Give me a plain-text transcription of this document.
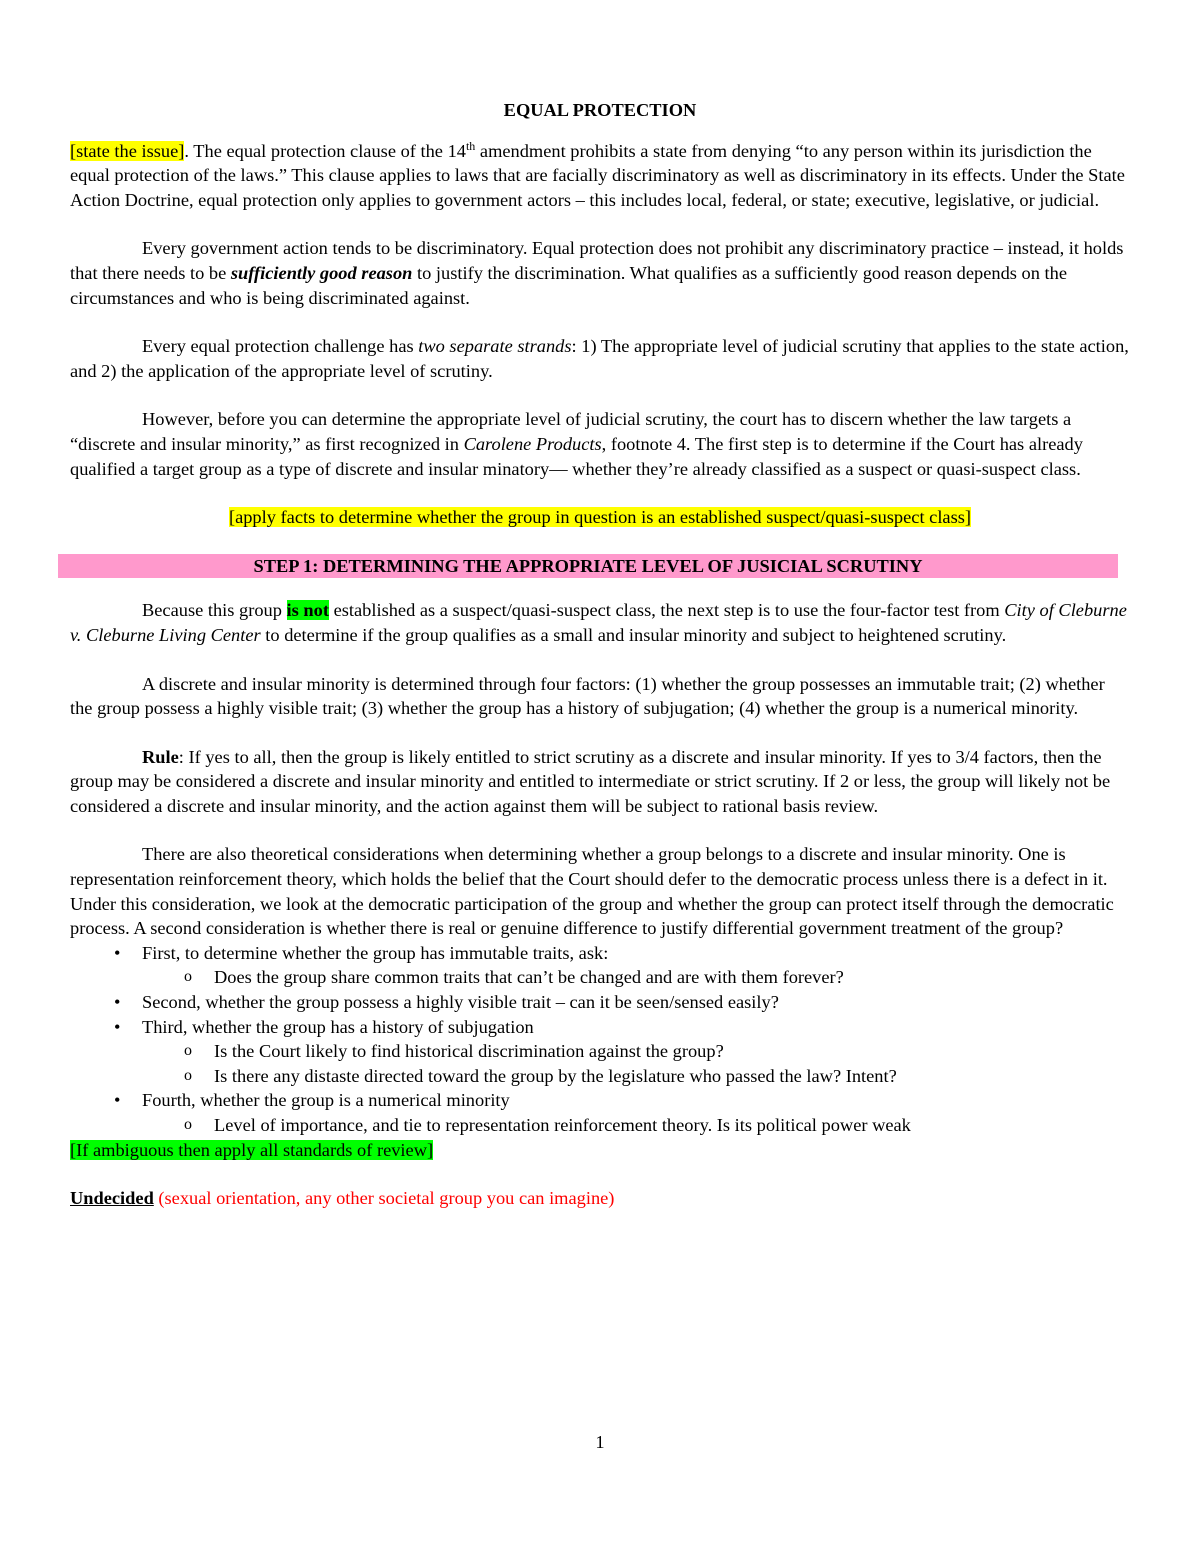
EQUAL PROTECTION

[state the issue]. The equal protection clause of the 14th amendment prohibits a state from denying “to any person within its jurisdiction the equal protection of the laws.” This clause applies to laws that are facially discriminatory as well as discriminatory in its effects. Under the State Action Doctrine, equal protection only applies to government actors – this includes local, federal, or state; executive, legislative, or judicial.

Every government action tends to be discriminatory. Equal protection does not prohibit any discriminatory practice – instead, it holds that there needs to be sufficiently good reason to justify the discrimination. What qualifies as a sufficiently good reason depends on the circumstances and who is being discriminated against.

Every equal protection challenge has two separate strands: 1) The appropriate level of judicial scrutiny that applies to the state action, and 2) the application of the appropriate level of scrutiny.

However, before you can determine the appropriate level of judicial scrutiny, the court has to discern whether the law targets a “discrete and insular minority,” as first recognized in Carolene Products, footnote 4. The first step is to determine if the Court has already qualified a target group as a type of discrete and insular minatory— whether they’re already classified as a suspect or quasi-suspect class.

[apply facts to determine whether the group in question is an established suspect/quasi-suspect class]

STEP 1: DETERMINING THE APPROPRIATE LEVEL OF JUSICIAL SCRUTINY

Because this group is not established as a suspect/quasi-suspect class, the next step is to use the four-factor test from City of Cleburne v. Cleburne Living Center to determine if the group qualifies as a small and insular minority and subject to heightened scrutiny.

A discrete and insular minority is determined through four factors: (1) whether the group possesses an immutable trait; (2) whether the group possess a highly visible trait; (3) whether the group has a history of subjugation; (4) whether the group is a numerical minority.

Rule: If yes to all, then the group is likely entitled to strict scrutiny as a discrete and insular minority. If yes to 3/4 factors, then the group may be considered a discrete and insular minority and entitled to intermediate or strict scrutiny. If 2 or less, the group will likely not be considered a discrete and insular minority, and the action against them will be subject to rational basis review.

There are also theoretical considerations when determining whether a group belongs to a discrete and insular minority. One is representation reinforcement theory, which holds the belief that the Court should defer to the democratic process unless there is a defect in it. Under this consideration, we look at the democratic participation of the group and whether the group can protect itself through the democratic process. A second consideration is whether there is real or genuine difference to justify differential government treatment of the group?

• First, to determine whether the group has immutable traits, ask:
o Does the group share common traits that can’t be changed and are with them forever?
• Second, whether the group possess a highly visible trait – can it be seen/sensed easily?
• Third, whether the group has a history of subjugation
o Is the Court likely to find historical discrimination against the group?
o Is there any distaste directed toward the group by the legislature who passed the law? Intent?
• Fourth, whether the group is a numerical minority
o Level of importance, and tie to representation reinforcement theory. Is its political power weak

[If ambiguous then apply all standards of review]

Undecided (sexual orientation, any other societal group you can imagine)

1
